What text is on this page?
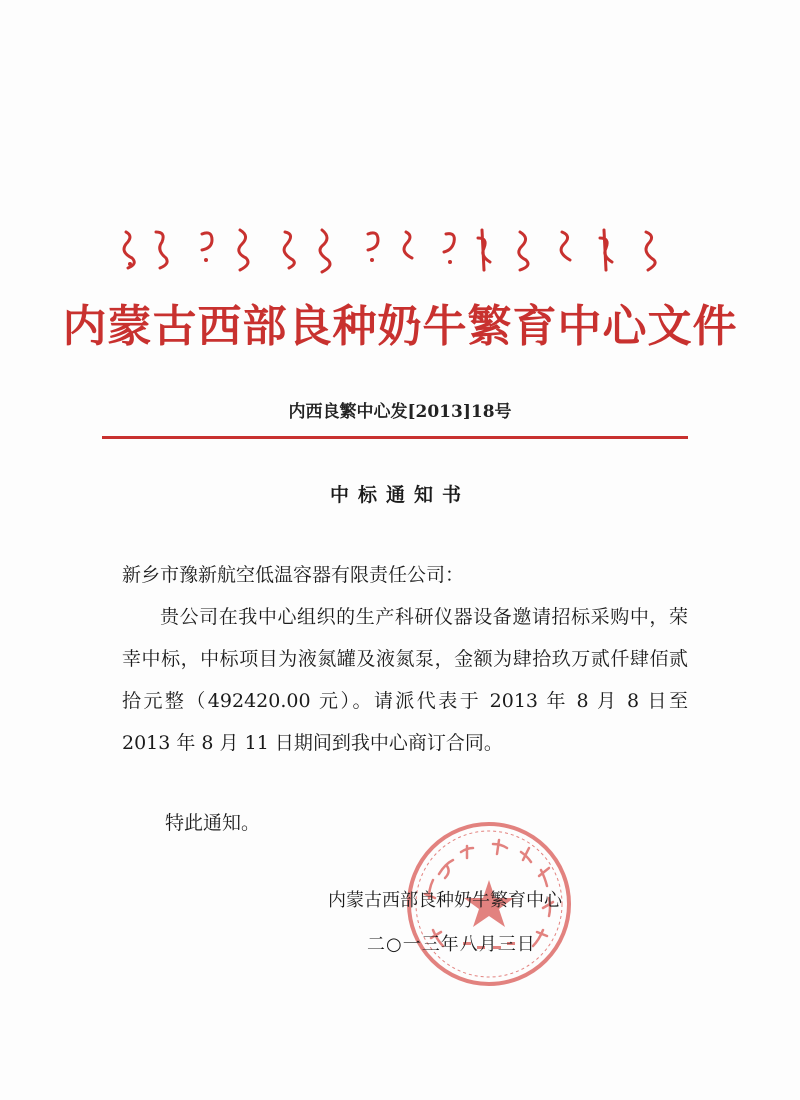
内蒙古西部良种奶牛繁育中心文件
内西良繁中心发[2013]18号
中标通知书
新乡市豫新航空低温容器有限责任公司：

贵公司在我中心组织的生产科研仪器设备邀请招标采购中，荣幸中标，中标项目为液氮罐及液氮泵，金额为肆拾玖万贰仟肆佰贰拾元整（492420.00 元）。请派代表于 2013 年 8 月 8 日至 2013 年 8 月 11 日期间到我中心商订合同。

特此通知。
内蒙古西部良种奶牛繁育中心
二○一三年八月三日
